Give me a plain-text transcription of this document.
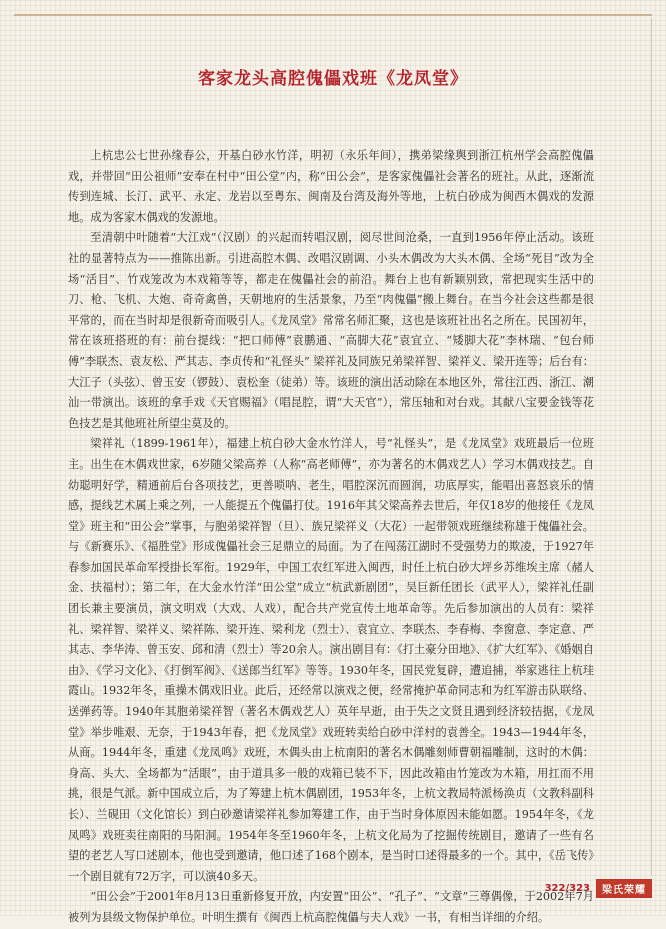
客家龙头高腔傀儡戏班《龙凤堂》

上杭忠公七世孙缘春公，开基白砂水竹洋，明初（永乐年间），携弟梁缘舆到浙江杭州学会高腔傀儡戏，并带回“田公祖师”安奉在村中“田公堂”内，称“田公会”，是客家傀儡社会著名的班社。从此，逐渐流传到连城、长汀、武平、永定、龙岩以至粤东、闽南及台湾及海外等地，上杭白砂成为闽西木偶戏的发源地。成为客家木偶戏的发源地。

至清朝中叶随着“大江戏”（汉剧）的兴起而转唱汉剧，阅尽世间沧桑，一直到1956年停止活动。该班社的显著特点为——推陈出新。引进高腔木偶、改唱汉剧调、小头木偶改为大头木偶、全场“死目”改为全场“活目”、竹戏笼改为木戏箱等等，都走在傀儡社会的前沿。舞台上也有新颖别致，常把现实生活中的刀、枪、飞机、大炮、奇奇禽兽，天朝地府的生活景象，乃至“肉傀儡”搬上舞台。在当今社会这些都是很平常的，而在当时却是很新奇而吸引人。《龙凤堂》常常名师汇聚，这也是该班社出名之所在。民国初年，常在该班搭班的有：前台提线：“把口师傅”袁鹏通、“高脚大花”袁宜立、“矮脚大花”李林瑞、“包台师傅”李联杰、袁友松、严其志、李贞传和“礼怪头” 梁祥礼及同族兄弟梁祥智、梁祥义、梁开连等；后台有：大江子（头弦）、曾玉安（锣鼓）、袁松奎（徒弟）等。该班的演出活动除在本地区外，常往江西、浙江、潮汕一带演出。该班的拿手戏《天官赐福》（唱昆腔，谓“大天官”），常压轴和对台戏。其献八宝要金钱等花色技艺是其他班社所望尘莫及的。

梁祥礼（1899-1961年），福建上杭白砂大金水竹洋人，号“礼怪头”，是《龙凤堂》戏班最后一位班主。出生在木偶戏世家，6岁随父梁高养（人称“高老师傅”，亦为著名的木偶戏艺人）学习木偶戏技艺。自幼聪明好学，精通前后台各项技艺，更善唢呐、老生，唱腔深沉而圆润，功底厚实，能唱出喜怒哀乐的情感，提线艺术属上乘之列，一人能提五个傀儡打仗。1916年其父梁高养去世后，年仅18岁的他接任《龙凤堂》班主和“田公会”掌事，与胞弟梁祥智（旦）、族兄梁祥义（大花）一起带领戏班继续称雄于傀儡社会。与《新赛乐》、《福胜堂》形成傀儡社会三足鼎立的局面。为了在闯荡江湖时不受强势力的欺凌，于1927年春参加国民革命军授掛长军衔。1929年，中国工农红军进入闽西，时任上杭白砂大坪乡苏维埃主席（赭人金、扶福村）；第二年，在大金水竹洋“田公堂”成立“杭武新剧团”，吴巨新任团长（武平人），梁祥礼任副团长兼主要演员，演文明戏（大戏、人戏），配合共产党宣传土地革命等。先后参加演出的人员有：梁祥礼、梁祥智、梁祥义、梁祥陈、梁开连、梁利龙（烈士）、袁宜立、李联杰、李春梅、李窗意、李定意、严其志、李华涛、曾玉安、邱和清（烈士）等20余人。演出剧目有：《打土豪分田地》、《扩大红军》、《婚姻自由》、《学习文化》、《打倒军阀》、《送郎当红军》等等。1930年冬，国民党复辟，遭追捕，举家逃往上杭珪霞山。1932年冬，重操木偶戏旧业。此后，还经常以演戏之便，经常掩护革命同志和为红军游击队联络、送弹药等。1940年其胞弟梁祥智（著名木偶戏艺人）英年早逝，由于失之文贤且遇到经济较拮据，《龙凤堂》举步唯艰、无奈，于1943年春，把《龙凤堂》戏班转卖给白砂中洋村的袁善全。1943—1944年冬，从商。1944年冬，重建《龙凤鸣》戏班，木偶头由上杭南阳的著名木偶雕刻师曹朝福雕制，这时的木偶：身高、头大、全场都为“活眼”，由于道具多一般的戏箱已装不下，因此改箱由竹笼改为木箱，用扛而不用挑，很是气派。新中国成立后，为了筹建上杭木偶剧团，1953年冬，上杭文教局特派杨涣贞（文教科副科长）、兰硯田（文化馆长）到白砂邀请梁祥礼参加筹建工作，由于当时身体原因未能如愿。1954年冬，《龙凤鸣》戏班卖往南阳的马阳洞。1954年冬至1960年冬，上杭文化局为了挖掘传统剧目，邀请了一些有名望的老艺人写口述剧本，他也受到邀请，他口述了168个剧本，是当时口述得最多的一个。其中，《岳飞传》一个剧目就有72万字，可以演40多天。

“田公会”于2001年8月13日重新修复开放，内安置“田公”、“孔子”、“文章”三尊偶像，于2002年7月被列为县级文物保护单位。叶明生撰有《闽西上杭高腔傀儡与夫人戏》一书，有相当详细的介绍。

322/323	梁氏荣耀
